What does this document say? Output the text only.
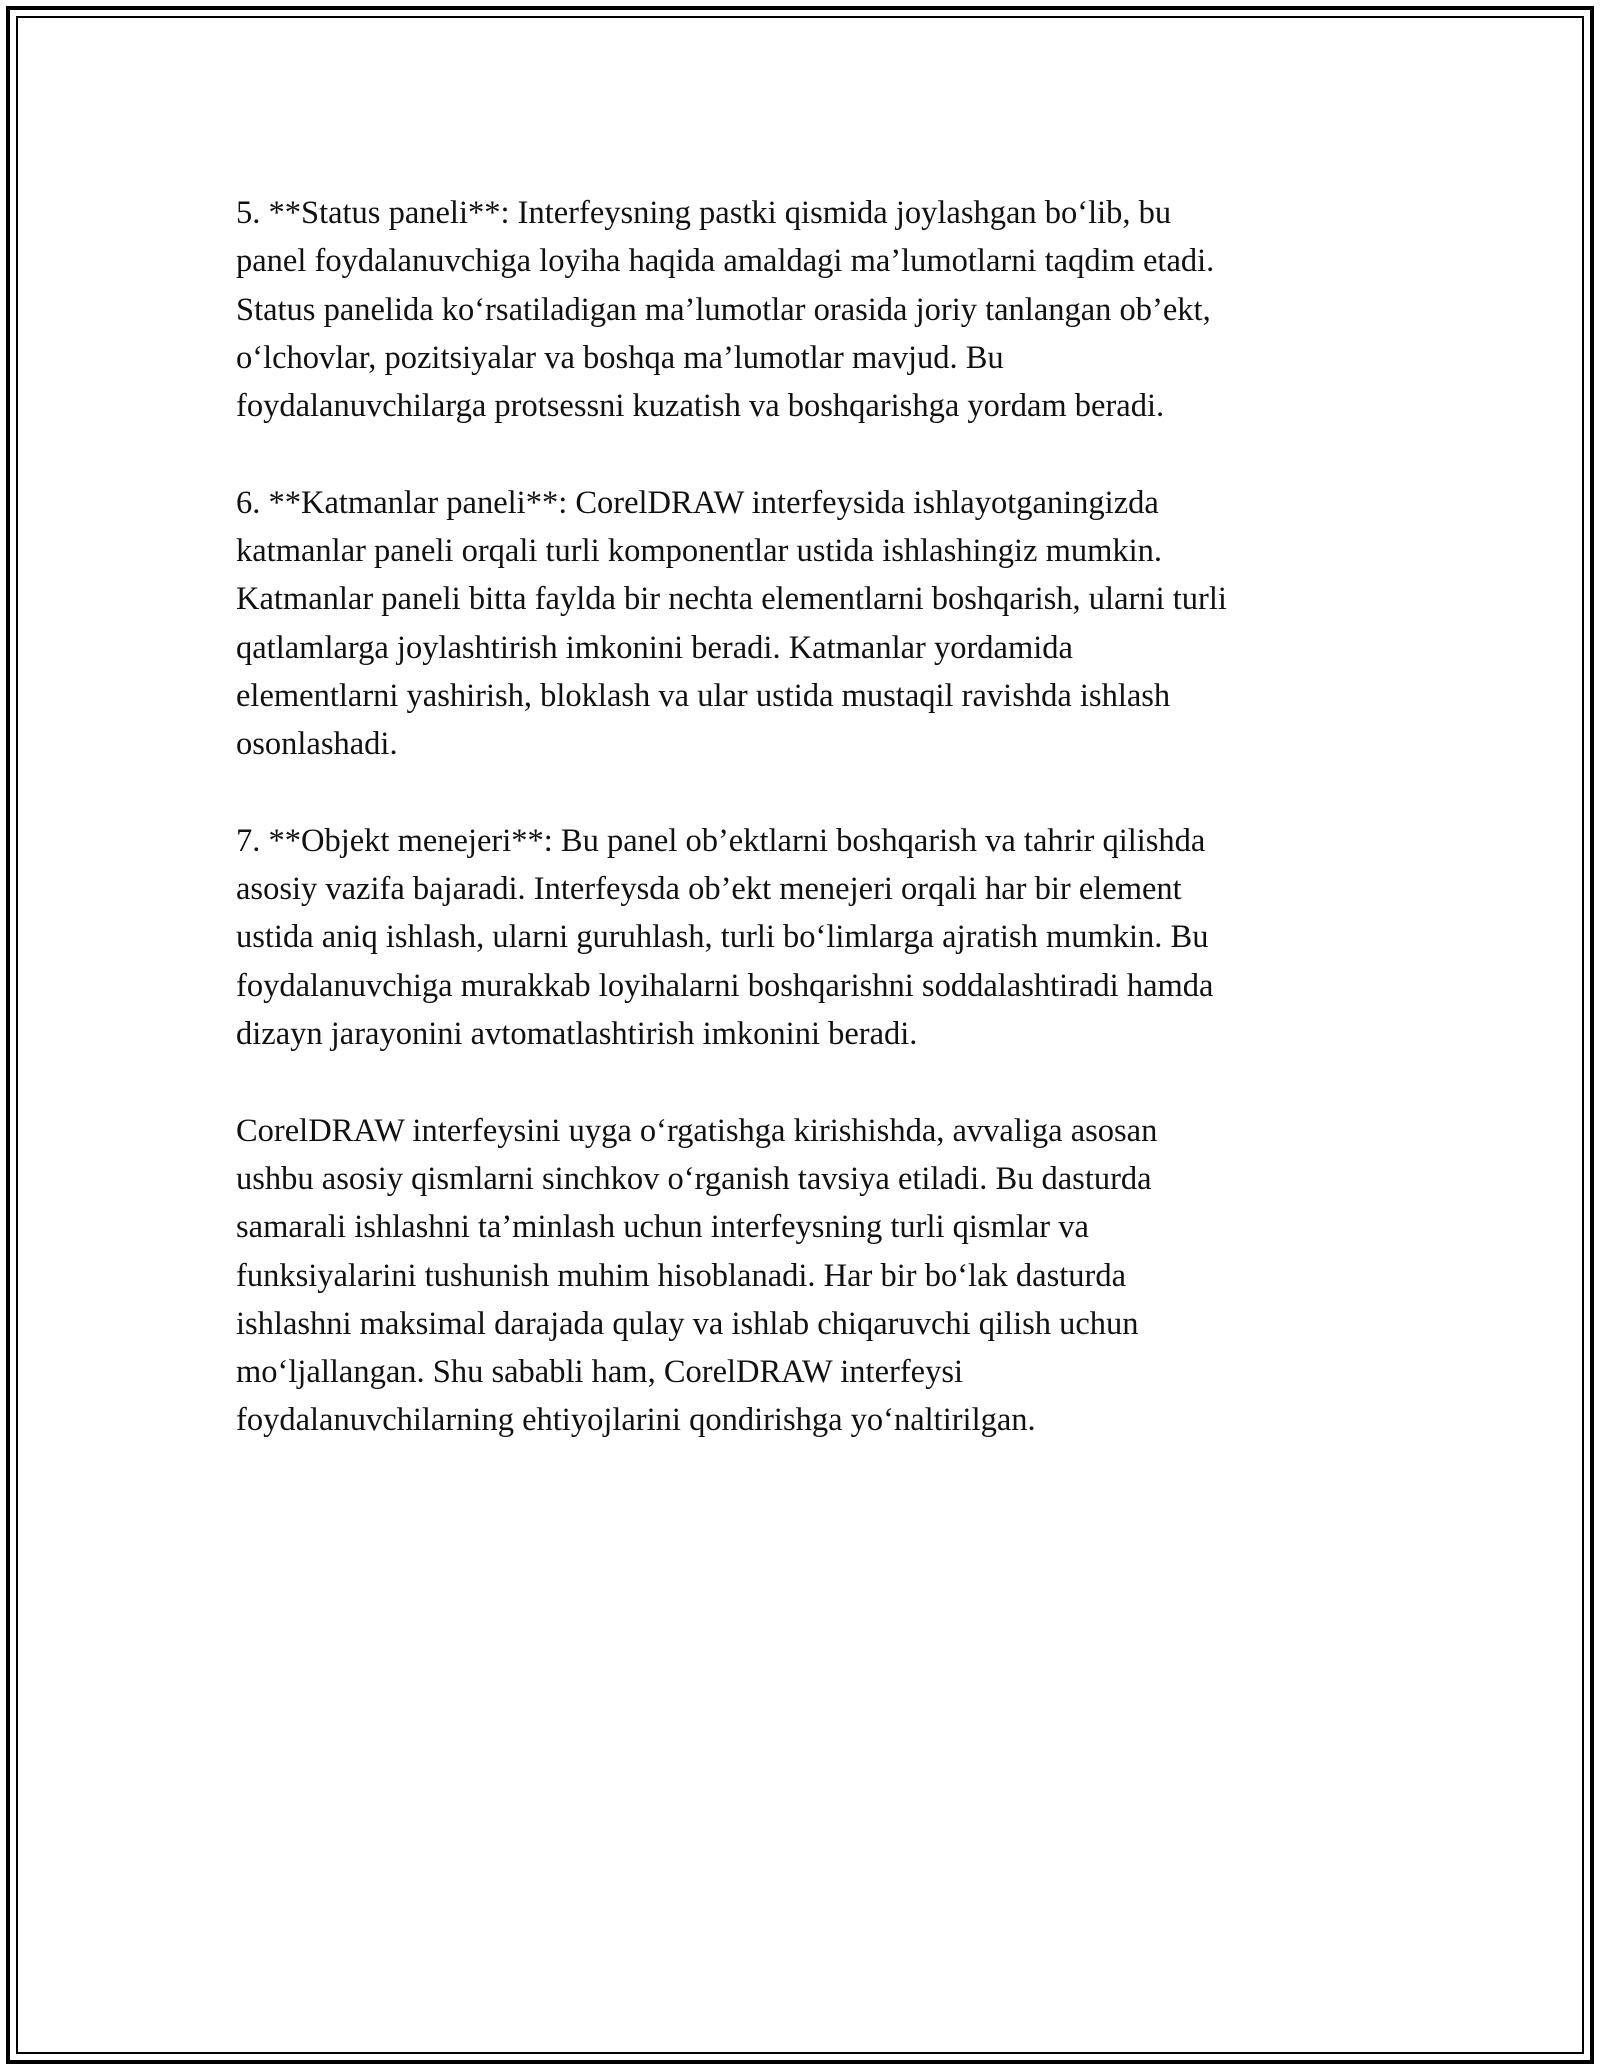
5. **Status paneli**: Interfeysning pastki qismida joylashgan bo‘lib, bu
panel foydalanuvchiga loyiha haqida amaldagi ma’lumotlarni taqdim etadi.
Status panelida ko‘rsatiladigan ma’lumotlar orasida joriy tanlangan ob’ekt,
o‘lchovlar, pozitsiyalar va boshqa ma’lumotlar mavjud. Bu
foydalanuvchilarga protsessni kuzatish va boshqarishga yordam beradi.

6. **Katmanlar paneli**: CorelDRAW interfeysida ishlayotganingizda
katmanlar paneli orqali turli komponentlar ustida ishlashingiz mumkin.
Katmanlar paneli bitta faylda bir nechta elementlarni boshqarish, ularni turli
qatlamlarga joylashtirish imkonini beradi. Katmanlar yordamida
elementlarni yashirish, bloklash va ular ustida mustaqil ravishda ishlash
osonlashadi.

7. **Objekt menejeri**: Bu panel ob’ektlarni boshqarish va tahrir qilishda
asosiy vazifa bajaradi. Interfeysda ob’ekt menejeri orqali har bir element
ustida aniq ishlash, ularni guruhlash, turli bo‘limlarga ajratish mumkin. Bu
foydalanuvchiga murakkab loyihalarni boshqarishni soddalashtiradi hamda
dizayn jarayonini avtomatlashtirish imkonini beradi.

CorelDRAW interfeysini uyga o‘rgatishga kirishishda, avvaliga asosan
ushbu asosiy qismlarni sinchkov o‘rganish tavsiya etiladi. Bu dasturda
samarali ishlashni ta’minlash uchun interfeysning turli qismlar va
funksiyalarini tushunish muhim hisoblanadi. Har bir bo‘lak dasturda
ishlashni maksimal darajada qulay va ishlab chiqaruvchi qilish uchun
mo‘ljallangan. Shu sababli ham, CorelDRAW interfeysi
foydalanuvchilarning ehtiyojlarini qondirishga yo‘naltirilgan.
